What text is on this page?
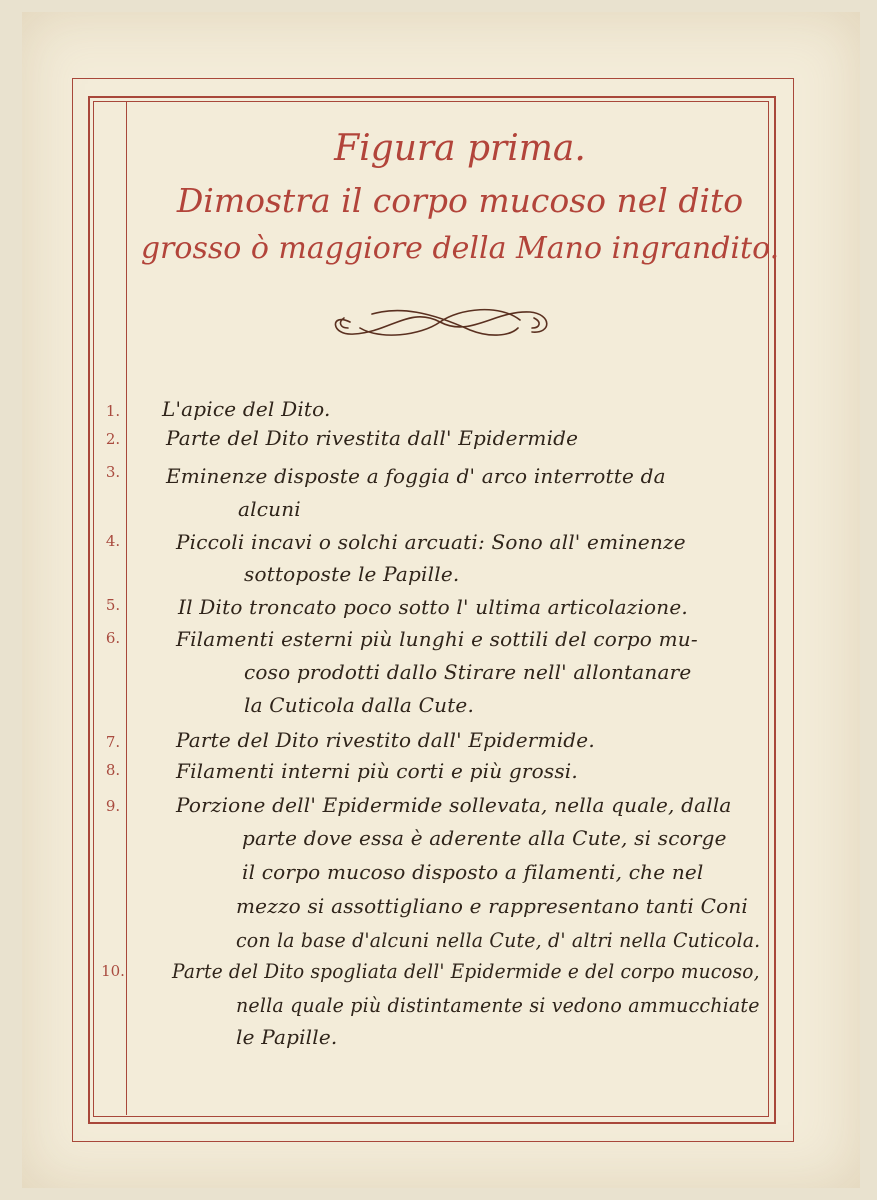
Figura prima.
Dimostra il corpo mucoso nel dito
grosso ò maggiore della Mano ingrandito.
1.
2.
3.
4.
5.
6.
7.
8.
9.
10.
L'apice del Dito.
Parte del Dito rivestita dall' Epidermide
Eminenze disposte a foggia d' arco interrotte da
alcuni
Piccoli incavi o solchi arcuati: Sono all' eminenze
sottoposte le Papille.
Il Dito troncato poco sotto l' ultima articolazione.
Filamenti esterni più lunghi e sottili del corpo mu-
coso prodotti dallo Stirare nell' allontanare
la Cuticola dalla Cute.
Parte del Dito rivestito dall' Epidermide.
Filamenti interni più corti e più grossi.
Porzione dell' Epidermide sollevata, nella quale, dalla
parte dove essa è aderente alla Cute, si scorge
il corpo mucoso disposto a filamenti, che nel
mezzo si assottigliano e rappresentano tanti Coni
con la base d'alcuni nella Cute, d' altri nella Cuticola.
Parte del Dito spogliata dell' Epidermide e del corpo mucoso,
nella quale più distintamente si vedono ammucchiate
le Papille.
